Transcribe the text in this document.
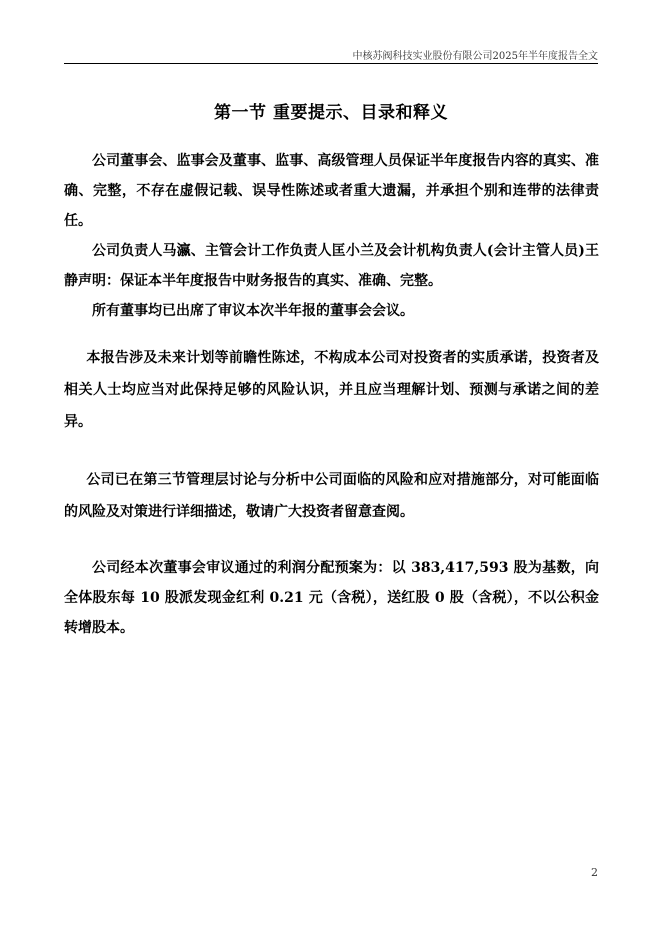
中核苏阀科技实业股份有限公司2025年半年度报告全文
第一节 重要提示、目录和释义

公司董事会、监事会及董事、监事、高级管理人员保证半年度报告内容的真实、准确、完整，不存在虚假记载、误导性陈述或者重大遗漏，并承担个别和连带的法律责任。

公司负责人马瀛、主管会计工作负责人匡小兰及会计机构负责人(会计主管人员)王静声明：保证本半年度报告中财务报告的真实、准确、完整。

所有董事均已出席了审议本次半年报的董事会会议。

本报告涉及未来计划等前瞻性陈述，不构成本公司对投资者的实质承诺，投资者及相关人士均应当对此保持足够的风险认识，并且应当理解计划、预测与承诺之间的差异。

公司已在第三节管理层讨论与分析中公司面临的风险和应对措施部分，对可能面临的风险及对策进行详细描述，敬请广大投资者留意查阅。

公司经本次董事会审议通过的利润分配预案为：以 383,417,593 股为基数，向全体股东每 10 股派发现金红利 0.21 元（含税），送红股 0 股（含税），不以公积金转增股本。

2
